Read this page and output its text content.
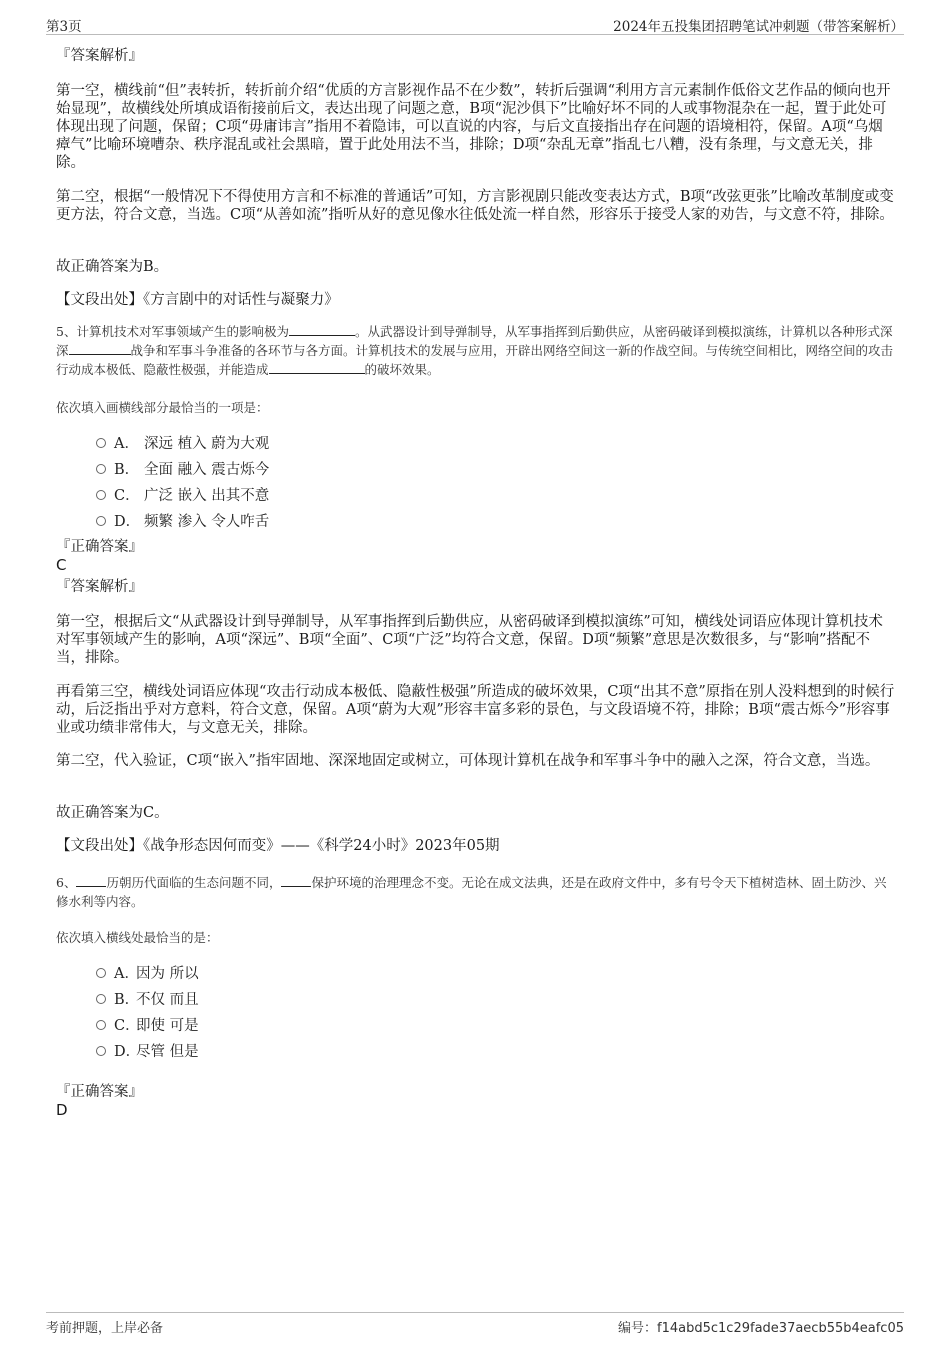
第3页	2024年五投集团招聘笔试冲刺题（带答案解析）
『答案解析』
第一空，横线前“但”表转折，转折前介绍“优质的方言影视作品不在少数”，转折后强调“利用方言元素制作低俗文艺作品的倾向也开始显现”，故横线处所填成语衔接前后文，表达出现了问题之意，B项“泥沙俱下”比喻好坏不同的人或事物混杂在一起，置于此处可体现出现了问题，保留；C项“毋庸讳言”指用不着隐讳，可以直说的内容，与后文直接指出存在问题的语境相符，保留。A项“乌烟瘴气”比喻环境嘈杂、秩序混乱或社会黑暗，置于此处用法不当，排除；D项“杂乱无章”指乱七八糟，没有条理，与文意无关，排除。
第二空，根据“一般情况下不得使用方言和不标准的普通话”可知，方言影视剧只能改变表达方式，B项“改弦更张”比喻改革制度或变更方法，符合文意，当选。C项“从善如流”指听从好的意见像水往低处流一样自然，形容乐于接受人家的劝告，与文意不符，排除。
故正确答案为B。
【文段出处】《方言剧中的对话性与凝聚力》
5、计算机技术对军事领域产生的影响极为	。从武器设计到导弹制导，从军事指挥到后勤供应，从密码破译到模拟演练，计算机以各种形式深深	战争和军事斗争准备的各环节与各方面。计算机技术的发展与应用，开辟出网络空间这一新的作战空间。与传统空间相比，网络空间的攻击行动成本极低、隐蔽性极强，并能造成	的破坏效果。
依次填入画横线部分最恰当的一项是：
A． 深远 植入 蔚为大观
B． 全面 融入 震古烁今
C． 广泛 嵌入 出其不意
D． 频繁 渗入 令人咋舌
『正确答案』
C
『答案解析』
第一空，根据后文“从武器设计到导弹制导，从军事指挥到后勤供应，从密码破译到模拟演练”可知，横线处词语应体现计算机技术对军事领域产生的影响，A项“深远”、B项“全面”、C项“广泛”均符合文意，保留。D项“频繁”意思是次数很多，与“影响”搭配不当，排除。
再看第三空，横线处词语应体现“攻击行动成本极低、隐蔽性极强”所造成的破坏效果，C项“出其不意”原指在别人没料想到的时候行动，后泛指出乎对方意料，符合文意，保留。A项“蔚为大观”形容丰富多彩的景色，与文段语境不符，排除；B项“震古烁今”形容事业或功绩非常伟大，与文意无关，排除。
第二空，代入验证，C项“嵌入”指牢固地、深深地固定或树立，可体现计算机在战争和军事斗争中的融入之深，符合文意，当选。
故正确答案为C。
【文段出处】《战争形态因何而变》——《科学24小时》2023年05期
6、 历朝历代面临的生态问题不同， 保护环境的治理理念不变。无论在成文法典，还是在政府文件中，多有号令天下植树造林、固土防沙、兴修水利等内容。
依次填入横线处最恰当的是：
A．因为 所以
B．不仅 而且
C．即使 可是
D．尽管 但是
『正确答案』
D
考前押题，上岸必备	编号：f14abd5c1c29fade37aecb55b4eafc05
